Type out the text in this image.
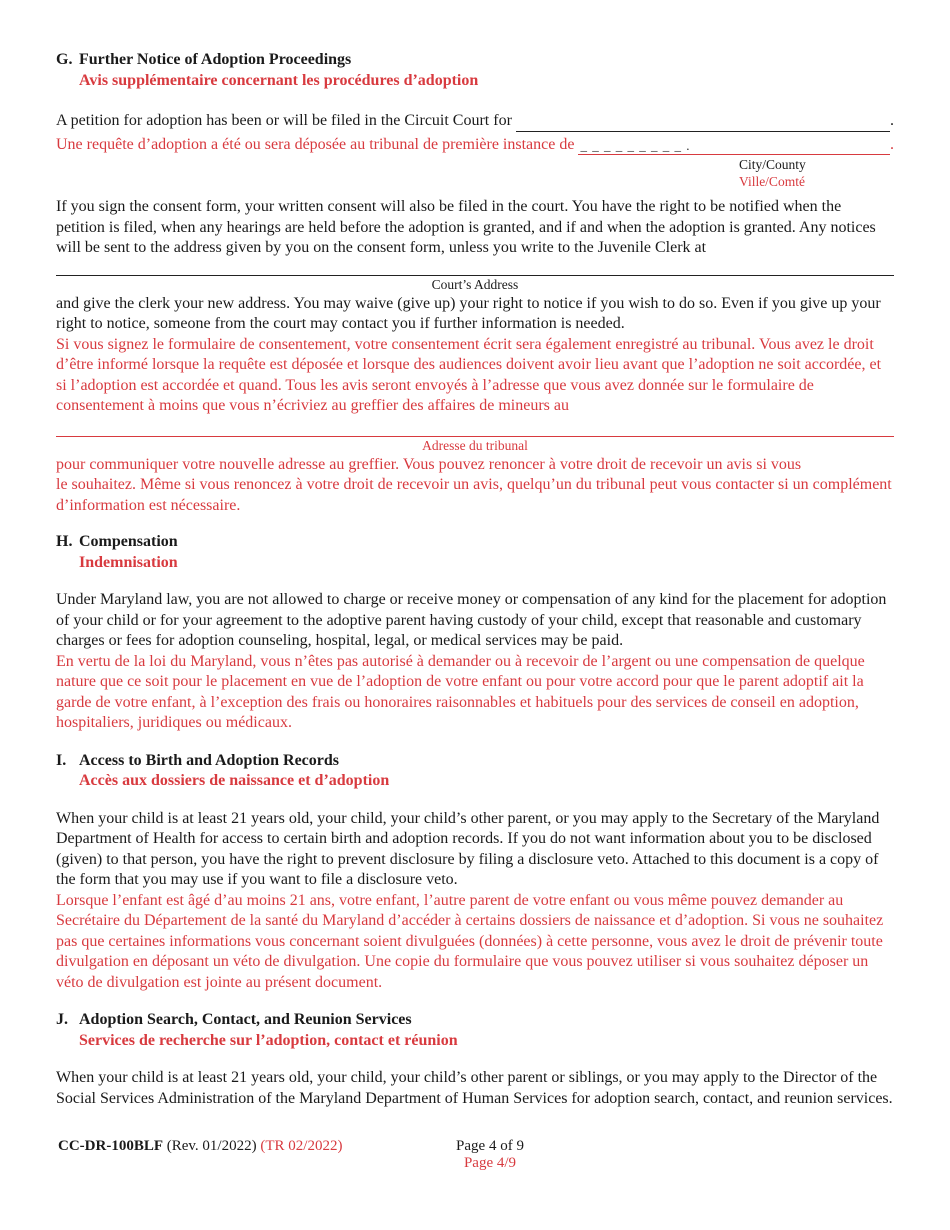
G. Further Notice of Adoption Proceedings
Avis supplémentaire concernant les procédures d’adoption
A petition for adoption has been or will be filed in the Circuit Court for	.
Une requête d’adoption a été ou sera déposée au tribunal de première instance de _ _ _ _ _ _ _ _ _ .	.
City/County
Ville/Comté

If you sign the consent form, your written consent will also be filed in the court. You have the right to be notified when the petition is filed, when any hearings are held before the adoption is granted, and if and when the adoption is granted. Any notices will be sent to the address given by you on the consent form, unless you write to the Juvenile Clerk at

Court’s Address

and give the clerk your new address. You may waive (give up) your right to notice if you wish to do so. Even if you give up your right to notice, someone from the court may contact you if further information is needed.

Si vous signez le formulaire de consentement, votre consentement écrit sera également enregistré au tribunal. Vous avez le droit d’être informé lorsque la requête est déposée et lorsque des audiences doivent avoir lieu avant que l’adoption ne soit accordée, et si l’adoption est accordée et quand. Tous les avis seront envoyés à l’adresse que vous avez donnée sur le formulaire de consentement à moins que vous n’écriviez au greffier des affaires de mineurs au

Adresse du tribunal

pour communiquer votre nouvelle adresse au greffier. Vous pouvez renoncer à votre droit de recevoir un avis si vous

le souhaitez. Même si vous renoncez à votre droit de recevoir un avis, quelqu’un du tribunal peut vous contacter si un complément d’information est nécessaire.

H. Compensation
Indemnisation

Under Maryland law, you are not allowed to charge or receive money or compensation of any kind for the placement for adoption of your child or for your agreement to the adoptive parent having custody of your child, except that reasonable and customary charges or fees for adoption counseling, hospital, legal, or medical services may be paid.

En vertu de la loi du Maryland, vous n’êtes pas autorisé à demander ou à recevoir de l’argent ou une compensation de quelque nature que ce soit pour le placement en vue de l’adoption de votre enfant ou pour votre accord pour que le parent adoptif ait la garde de votre enfant, à l’exception des frais ou honoraires raisonnables et habituels pour des services de conseil en adoption, hospitaliers, juridiques ou médicaux.

I. Access to Birth and Adoption Records
Accès aux dossiers de naissance et d’adoption

When your child is at least 21 years old, your child, your child’s other parent, or you may apply to the Secretary of the Maryland Department of Health for access to certain birth and adoption records. If you do not want information about you to be disclosed (given) to that person, you have the right to prevent disclosure by filing a disclosure veto. Attached to this document is a copy of the form that you may use if you want to file a disclosure veto.

Lorsque l’enfant est âgé d’au moins 21 ans, votre enfant, l’autre parent de votre enfant ou vous même pouvez demander au Secrétaire du Département de la santé du Maryland d’accéder à certains dossiers de naissance et d’adoption. Si vous ne souhaitez pas que certaines informations vous concernant soient divulguées (données) à cette personne, vous avez le droit de prévenir toute divulgation en déposant un véto de divulgation. Une copie du formulaire que vous pouvez utiliser si vous souhaitez déposer un véto de divulgation est jointe au présent document.

J. Adoption Search, Contact, and Reunion Services
Services de recherche sur l’adoption, contact et réunion

When your child is at least 21 years old, your child, your child’s other parent or siblings, or you may apply to the Director of the Social Services Administration of the Maryland Department of Human Services for adoption search, contact, and reunion services.

CC-DR-100BLF (Rev. 01/2022) (TR 02/2022)	Page 4 of 9
Page 4/9
